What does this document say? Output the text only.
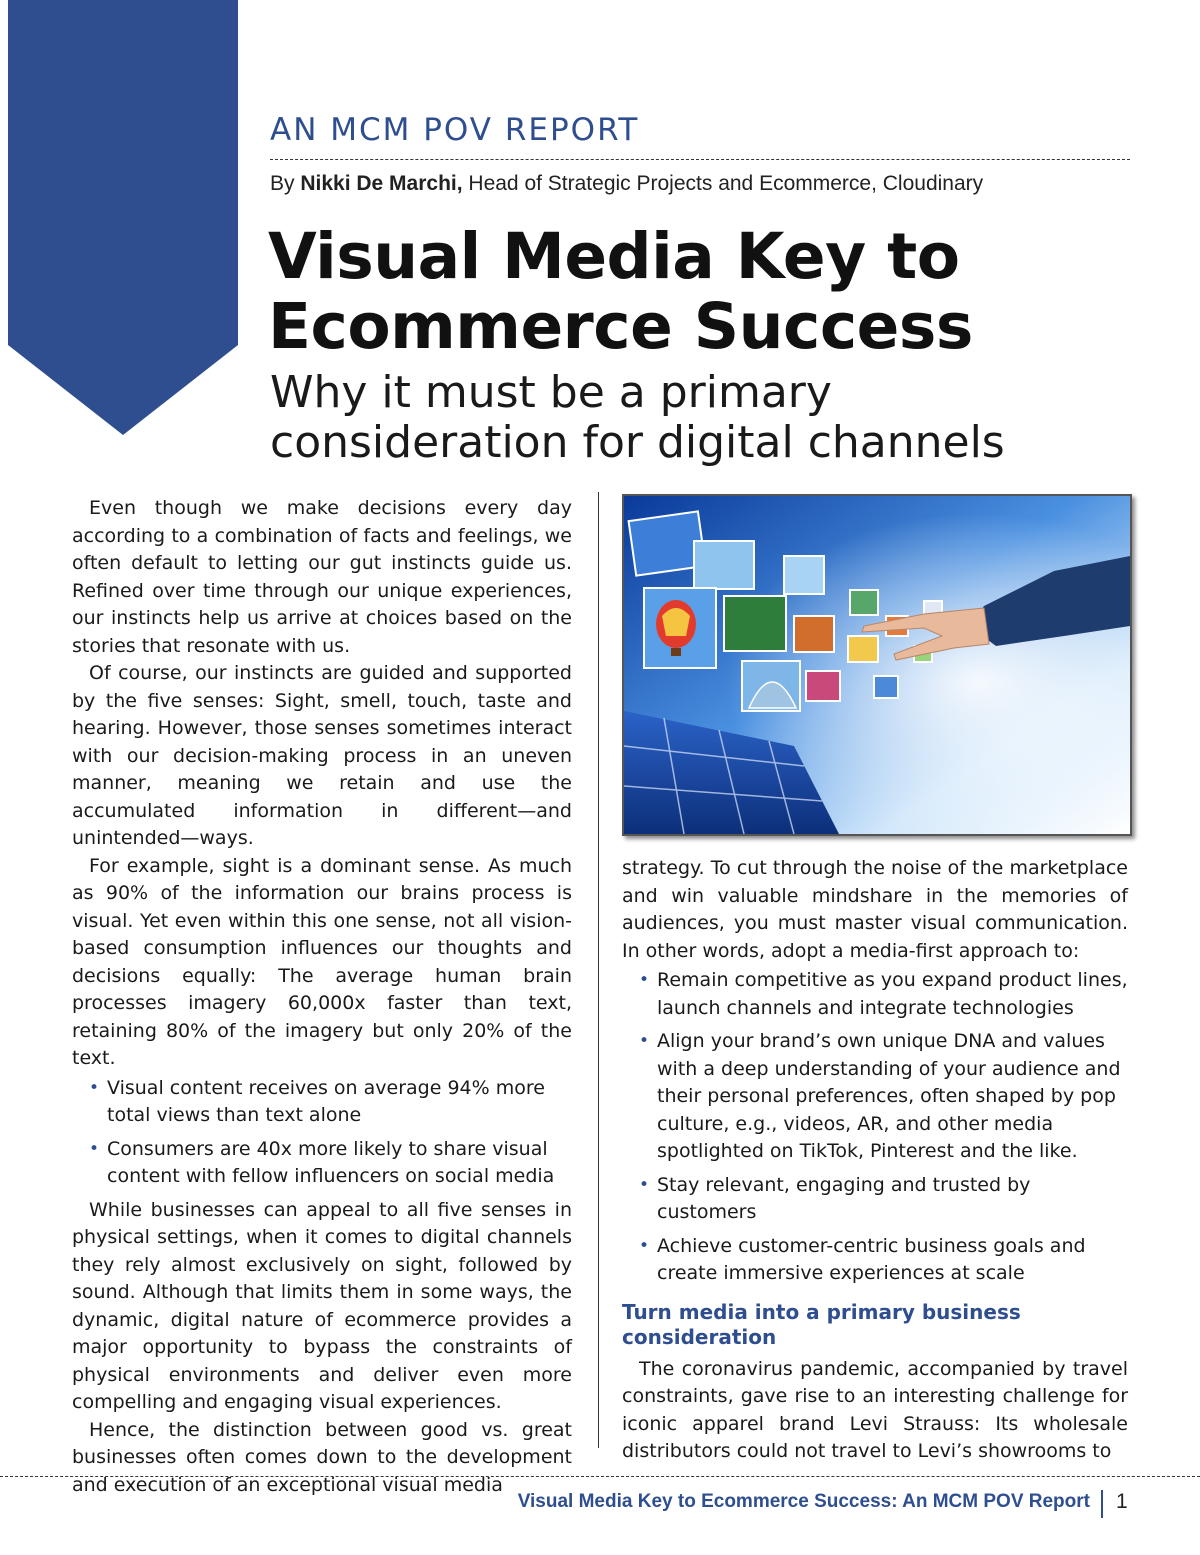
AN MCM POV REPORT
By Nikki De Marchi, Head of Strategic Projects and Ecommerce, Cloudinary
Visual Media Key to
Ecommerce Success
Why it must be a primary
consideration for digital channels

Even though we make decisions every day according to a combination of facts and feelings, we often default to letting our gut instincts guide us. Refined over time through our unique experiences, our instincts help us arrive at choices based on the stories that resonate with us.

Of course, our instincts are guided and supported by the five senses: Sight, smell, touch, taste and hearing. However, those senses sometimes interact with our decision-making process in an uneven manner, meaning we retain and use the accumulated information in different—and unintended—ways.

For example, sight is a dominant sense. As much as 90% of the information our brains process is visual. Yet even within this one sense, not all vision-based consumption influences our thoughts and decisions equally: The average human brain processes imagery 60,000x faster than text, retaining 80% of the imagery but only 20% of the text.

• Visual content receives on average 94% more total views than text alone
• Consumers are 40x more likely to share visual content with fellow influencers on social media

While businesses can appeal to all five senses in physical settings, when it comes to digital channels they rely almost exclusively on sight, followed by sound. Although that limits them in some ways, the dynamic, digital nature of ecommerce provides a major opportunity to bypass the constraints of physical environments and deliver even more compelling and engaging visual experiences.

Hence, the distinction between good vs. great businesses often comes down to the development and execution of an exceptional visual media

strategy. To cut through the noise of the marketplace and win valuable mindshare in the memories of audiences, you must master visual communication. In other words, adopt a media-first approach to:

• Remain competitive as you expand product lines, launch channels and integrate technologies
• Align your brand’s own unique DNA and values with a deep understanding of your audience and their personal preferences, often shaped by pop culture, e.g., videos, AR, and other media spotlighted on TikTok, Pinterest and the like.
• Stay relevant, engaging and trusted by customers
• Achieve customer-centric business goals and create immersive experiences at scale
Turn media into a primary business consideration

The coronavirus pandemic, accompanied by travel constraints, gave rise to an interesting challenge for iconic apparel brand Levi Strauss: Its wholesale distributors could not travel to Levi’s showrooms to

Visual Media Key to Ecommerce Success: An MCM POV Report 1
